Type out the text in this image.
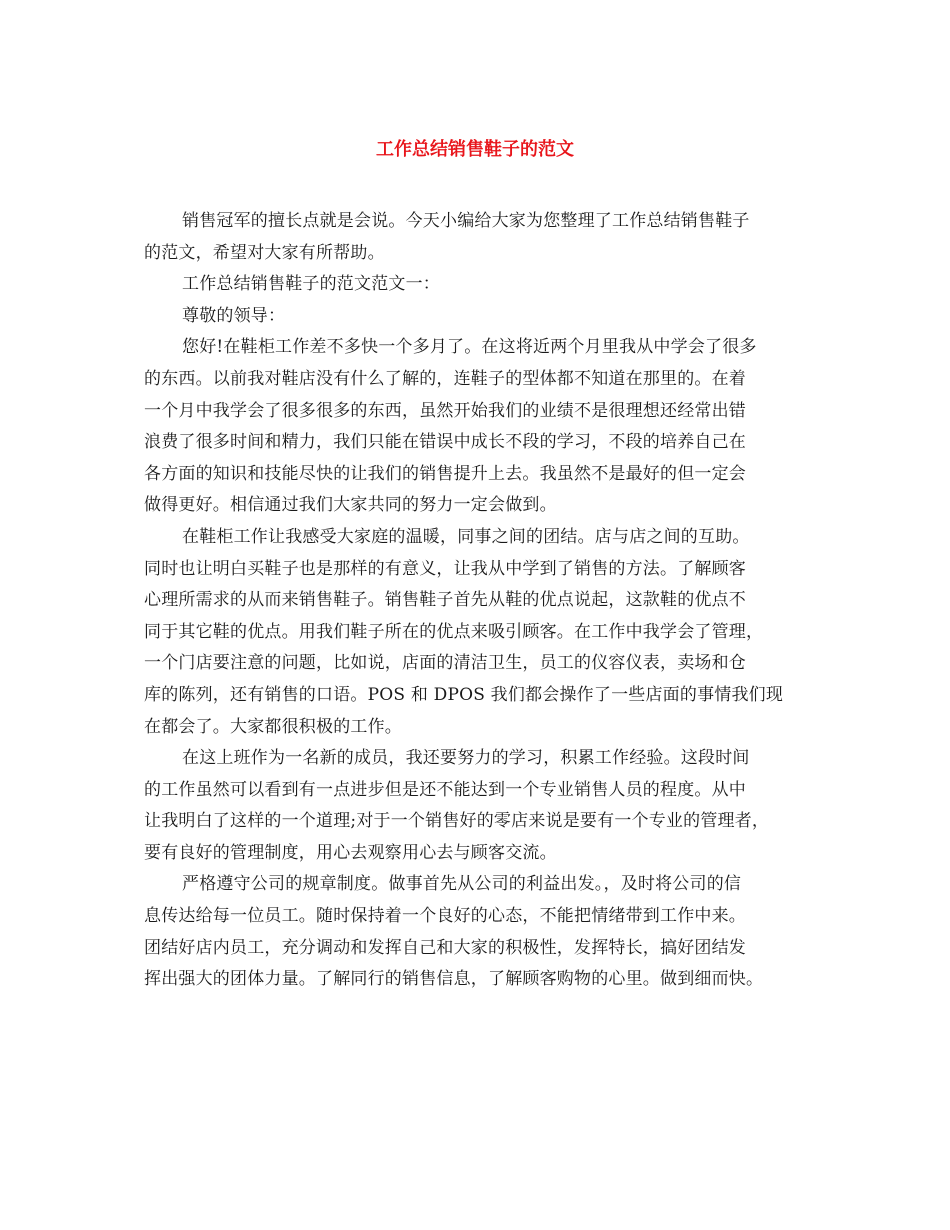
工作总结销售鞋子的范文
销售冠军的擅长点就是会说。今天小编给大家为您整理了工作总结销售鞋子
的范文，希望对大家有所帮助。
工作总结销售鞋子的范文范文一：
尊敬的领导：
您好!在鞋柜工作差不多快一个多月了。在这将近两个月里我从中学会了很多
的东西。以前我对鞋店没有什么了解的，连鞋子的型体都不知道在那里的。在着
一个月中我学会了很多很多的东西，虽然开始我们的业绩不是很理想还经常出错
浪费了很多时间和精力，我们只能在错误中成长不段的学习，不段的培养自己在
各方面的知识和技能尽快的让我们的销售提升上去。我虽然不是最好的但一定会
做得更好。相信通过我们大家共同的努力一定会做到。
在鞋柜工作让我感受大家庭的温暖，同事之间的团结。店与店之间的互助。
同时也让明白买鞋子也是那样的有意义，让我从中学到了销售的方法。了解顾客
心理所需求的从而来销售鞋子。销售鞋子首先从鞋的优点说起，这款鞋的优点不
同于其它鞋的优点。用我们鞋子所在的优点来吸引顾客。在工作中我学会了管理，
一个门店要注意的问题，比如说，店面的清洁卫生，员工的仪容仪表，卖场和仓
库的陈列，还有销售的口语。POS 和 DPOS 我们都会操作了一些店面的事情我们现
在都会了。大家都很积极的工作。
在这上班作为一名新的成员，我还要努力的学习，积累工作经验。这段时间
的工作虽然可以看到有一点进步但是还不能达到一个专业销售人员的程度。从中
让我明白了这样的一个道理;对于一个销售好的零店来说是要有一个专业的管理者，
要有良好的管理制度，用心去观察用心去与顾客交流。
严格遵守公司的规章制度。做事首先从公司的利益出发。，及时将公司的信
息传达给每一位员工。随时保持着一个良好的心态，不能把情绪带到工作中来。
团结好店内员工，充分调动和发挥自己和大家的积极性，发挥特长，搞好团结发
挥出强大的团体力量。了解同行的销售信息，了解顾客购物的心里。做到细而快。
